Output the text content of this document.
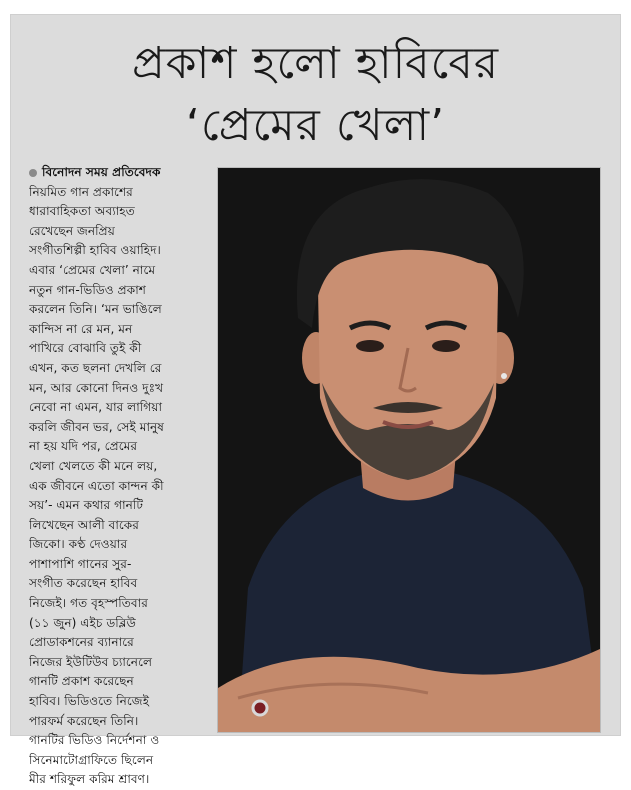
প্রকাশ হলো হাবিবের
‘প্রেমের খেলা’
বিনোদন সময় প্রতিবেদক
নিয়মিত গান প্রকাশের
ধারাবাহিকতা অব্যাহত
রেখেছেন জনপ্রিয়
সংগীতশিল্পী হাবিব ওয়াহিদ।
এবার ‘প্রেমের খেলা’ নামে
নতুন গান-ভিডিও প্রকাশ
করলেন তিনি। ‘মন ভাঙিলে
কান্দিস না রে মন, মন
পাখিরে বোঝাবি তুই কী
এখন, কত ছলনা দেখলি রে
মন, আর কোনো দিনও দুঃখ
নেবো না এমন, যার লাগিয়া
করলি জীবন ভর, সেই মানুষ
না হয় যদি পর, প্রেমের
খেলা খেলতে কী মনে লয়,
এক জীবনে এতো কান্দন কী
সয়’- এমন কথার গানটি
লিখেছেন আলী বাকের
জিকো। কণ্ঠ দেওয়ার
পাশাপাশি গানের সুর-
সংগীত করেছেন হাবিব
নিজেই। গত বৃহস্পতিবার
(১১ জুন) এইচ ডব্লিউ
প্রোডাকশনের ব্যানারে
নিজের ইউটিউব চ্যানেলে
গানটি প্রকাশ করেছেন
হাবিব। ভিডিওতে নিজেই
পারফর্ম করেছেন তিনি।
গানটির ভিডিও নির্দেশনা ও
সিনেমাটোগ্রাফিতে ছিলেন
মীর শরিফুল করিম শ্রাবণ।
